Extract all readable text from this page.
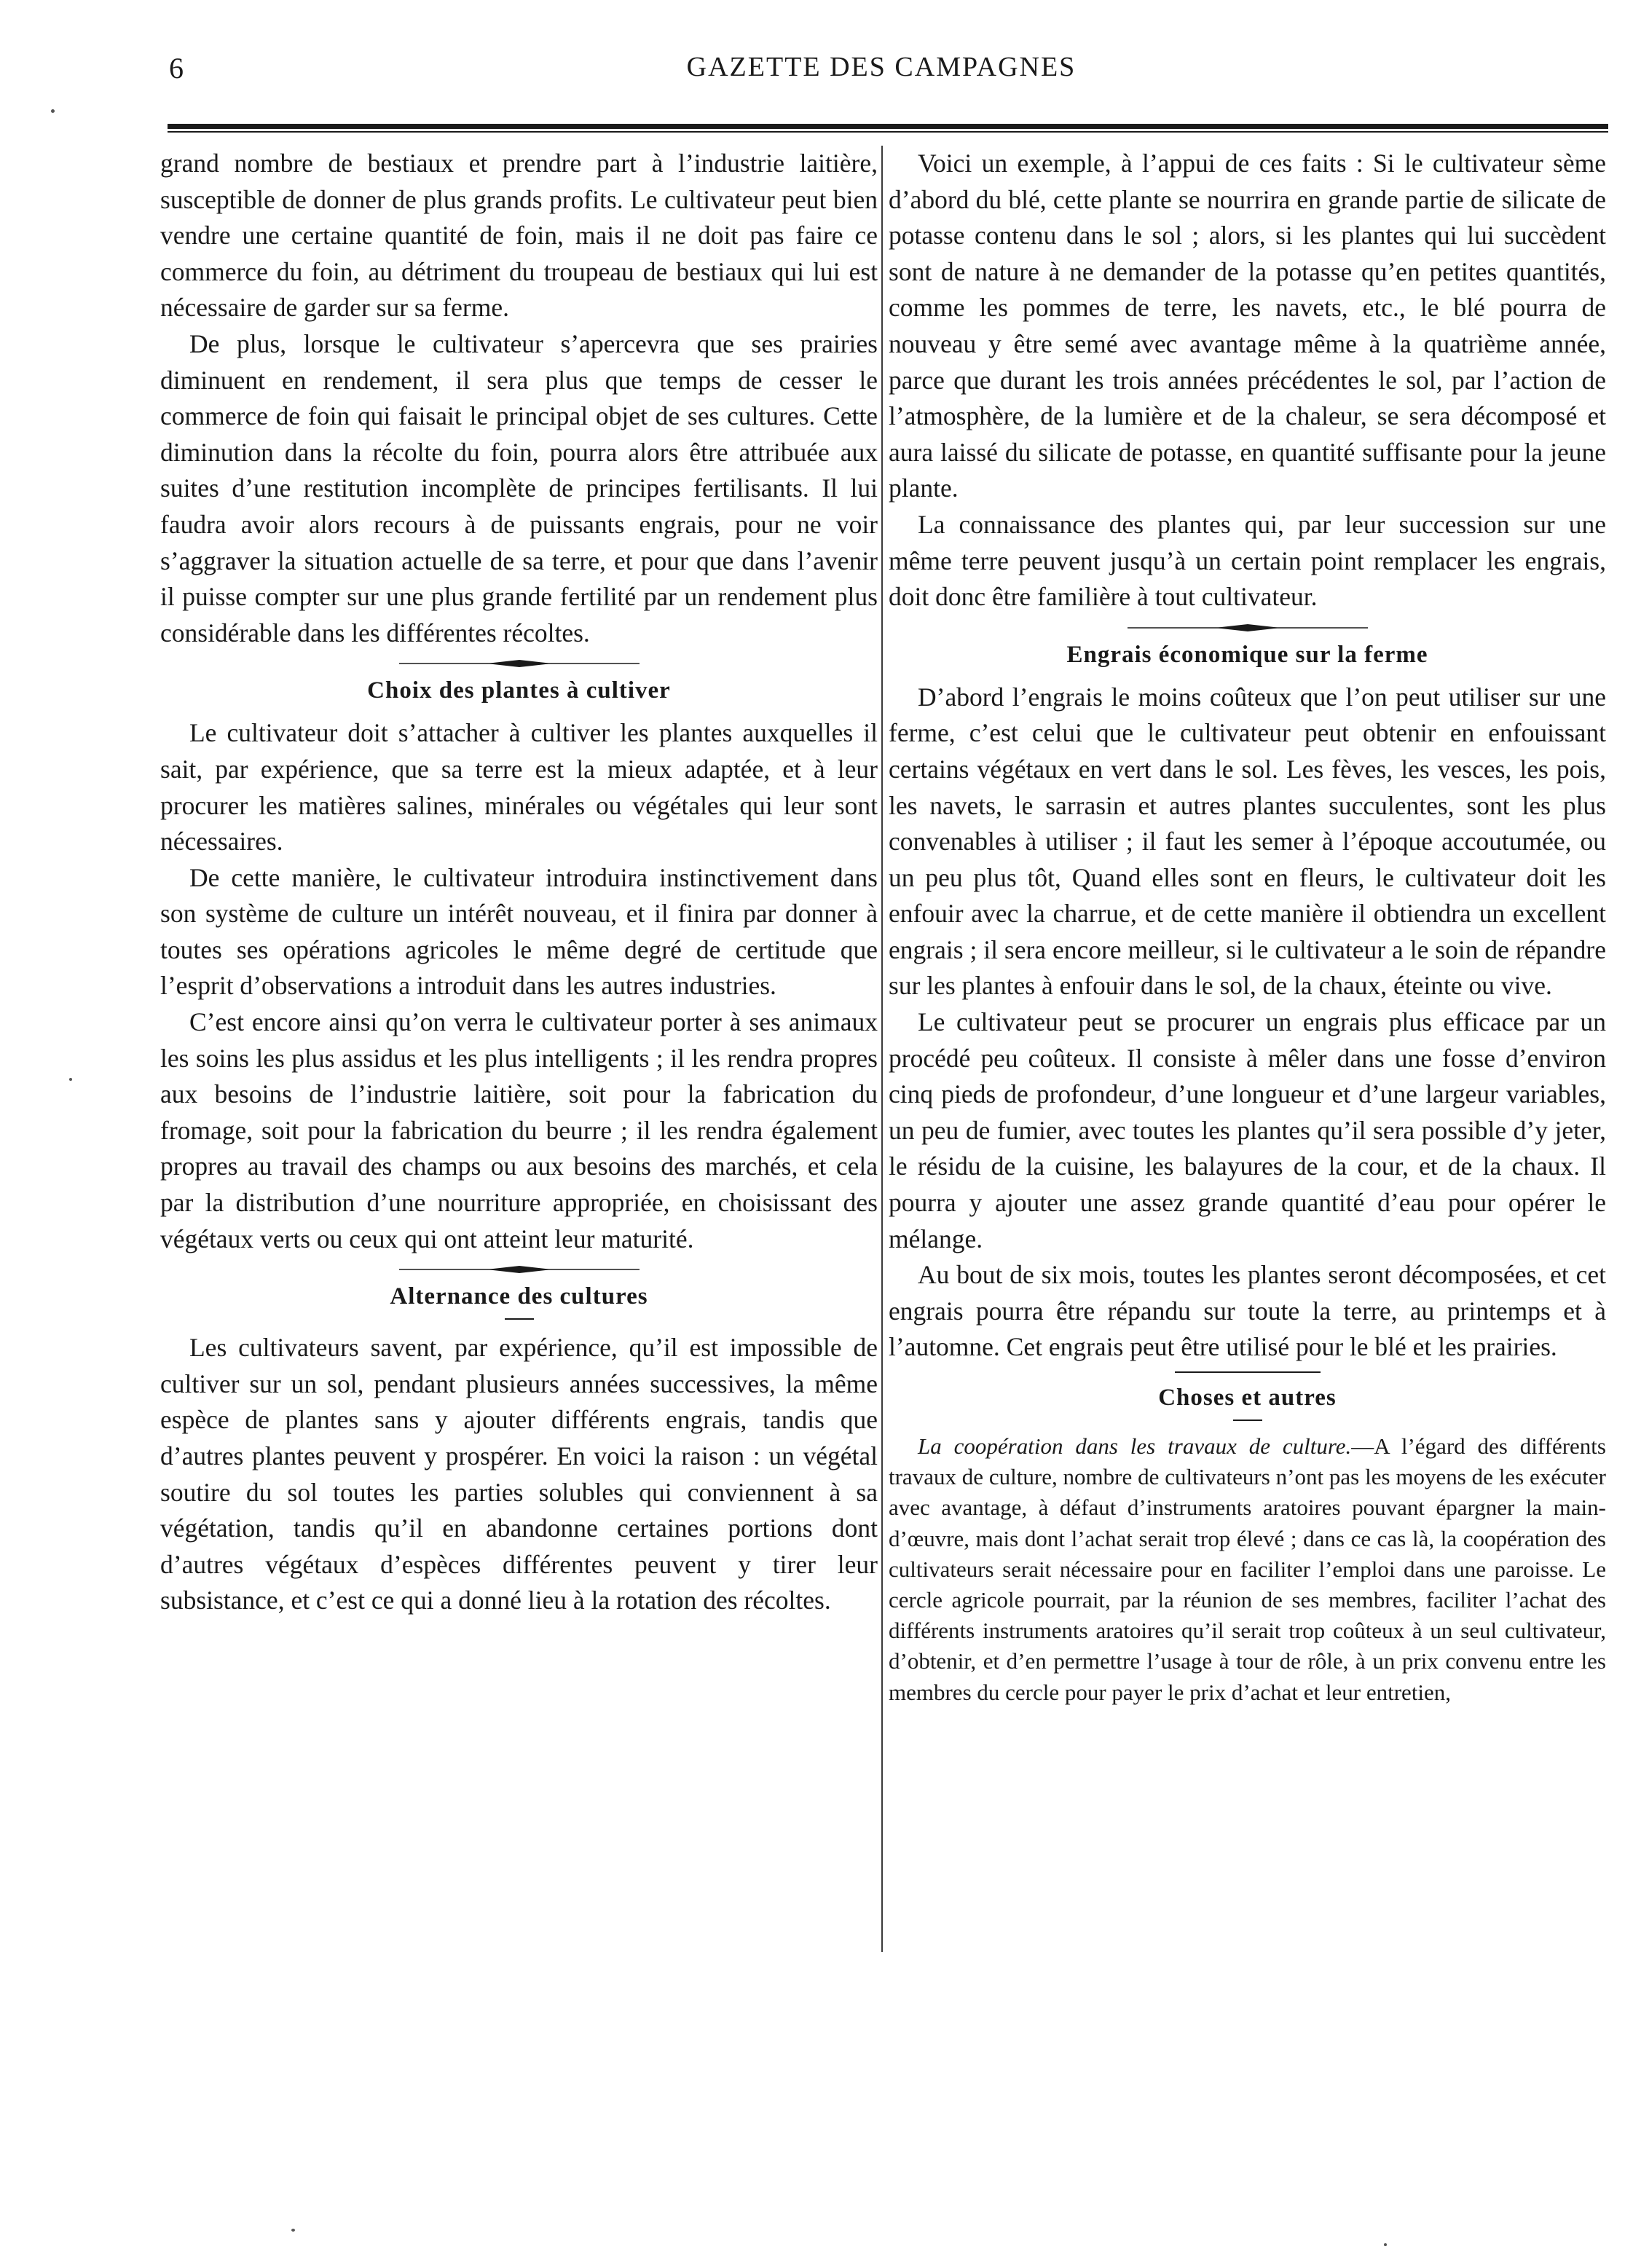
6	GAZETTE DES CAMPAGNES

grand nombre de bestiaux et prendre part à l’industrie laitière, susceptible de donner de plus grands profits. Le cultivateur peut bien vendre une certaine quantité de foin, mais il ne doit pas faire ce commerce du foin, au détriment du troupeau de bestiaux qui lui est nécessaire de garder sur sa ferme.

De plus, lorsque le cultivateur s’apercevra que ses prairies diminuent en rendement, il sera plus que temps de cesser le commerce de foin qui faisait le principal objet de ses cultures. Cette diminution dans la récolte du foin, pourra alors être attribuée aux suites d’une restitution incomplète de principes fertilisants. Il lui faudra avoir alors recours à de puissants engrais, pour ne voir s’aggraver la situation actuelle de sa terre, et pour que dans l’avenir il puisse compter sur une plus grande fertilité par un rendement plus considérable dans les différentes récoltes.

Choix des plantes à cultiver

Le cultivateur doit s’attacher à cultiver les plantes auxquelles il sait, par expérience, que sa terre est la mieux adaptée, et à leur procurer les matières salines, minérales ou végétales qui leur sont nécessaires.

De cette manière, le cultivateur introduira instinctivement dans son système de culture un intérêt nouveau, et il finira par donner à toutes ses opérations agricoles le même degré de certitude que l’esprit d’observations a introduit dans les autres industries.

C’est encore ainsi qu’on verra le cultivateur porter à ses animaux les soins les plus assidus et les plus intelligents ; il les rendra propres aux besoins de l’industrie laitière, soit pour la fabrication du fromage, soit pour la fabrication du beurre ; il les rendra également propres au travail des champs ou aux besoins des marchés, et cela par la distribution d’une nourriture appropriée, en choisissant des végétaux verts ou ceux qui ont atteint leur maturité.

Alternance des cultures

Les cultivateurs savent, par expérience, qu’il est impossible de cultiver sur un sol, pendant plusieurs années successives, la même espèce de plantes sans y ajouter différents engrais, tandis que d’autres plantes peuvent y prospérer. En voici la raison : un végétal soutire du sol toutes les parties solubles qui conviennent à sa végétation, tandis qu’il en abandonne certaines portions dont d’autres végétaux d’espèces différentes peuvent y tirer leur subsistance, et c’est ce qui a donné lieu à la rotation des récoltes.

Voici un exemple, à l’appui de ces faits : Si le cultivateur sème d’abord du blé, cette plante se nourrira en grande partie de silicate de potasse contenu dans le sol ; alors, si les plantes qui lui succèdent sont de nature à ne demander de la potasse qu’en petites quantités, comme les pommes de terre, les navets, etc., le blé pourra de nouveau y être semé avec avantage même à la quatrième année, parce que durant les trois années précédentes le sol, par l’action de l’atmosphère, de la lumière et de la chaleur, se sera décomposé et aura laissé du silicate de potasse, en quantité suffisante pour la jeune plante.

La connaissance des plantes qui, par leur succession sur une même terre peuvent jusqu’à un certain point remplacer les engrais, doit donc être familière à tout cultivateur.

Engrais économique sur la ferme

D’abord l’engrais le moins coûteux que l’on peut utiliser sur une ferme, c’est celui que le cultivateur peut obtenir en enfouissant certains végétaux en vert dans le sol. Les fèves, les vesces, les pois, les navets, le sarrasin et autres plantes succulentes, sont les plus convenables à utiliser ; il faut les semer à l’époque accoutumée, ou un peu plus tôt, Quand elles sont en fleurs, le cultivateur doit les enfouir avec la charrue, et de cette manière il obtiendra un excellent engrais ; il sera encore meilleur, si le cultivateur a le soin de répandre sur les plantes à enfouir dans le sol, de la chaux, éteinte ou vive.

Le cultivateur peut se procurer un engrais plus efficace par un procédé peu coûteux. Il consiste à mêler dans une fosse d’environ cinq pieds de profondeur, d’une longueur et d’une largeur variables, un peu de fumier, avec toutes les plantes qu’il sera possible d’y jeter, le résidu de la cuisine, les balayures de la cour, et de la chaux. Il pourra y ajouter une assez grande quantité d’eau pour opérer le mélange.

Au bout de six mois, toutes les plantes seront décomposées, et cet engrais pourra être répandu sur toute la terre, au printemps et à l’automne. Cet engrais peut être utilisé pour le blé et les prairies.

Choses et autres

La coopération dans les travaux de culture.—A l’égard des différents travaux de culture, nombre de cultivateurs n’ont pas les moyens de les exécuter avec avantage, à défaut d’instruments aratoires pouvant épargner la main-d’œuvre, mais dont l’achat serait trop élevé ; dans ce cas là, la coopération des cultivateurs serait nécessaire pour en faciliter l’emploi dans une paroisse. Le cercle agricole pourrait, par la réunion de ses membres, faciliter l’achat des différents instruments aratoires qu’il serait trop coûteux à un seul cultivateur, d’obtenir, et d’en permettre l’usage à tour de rôle, à un prix convenu entre les membres du cercle pour payer le prix d’achat et leur entretien,
